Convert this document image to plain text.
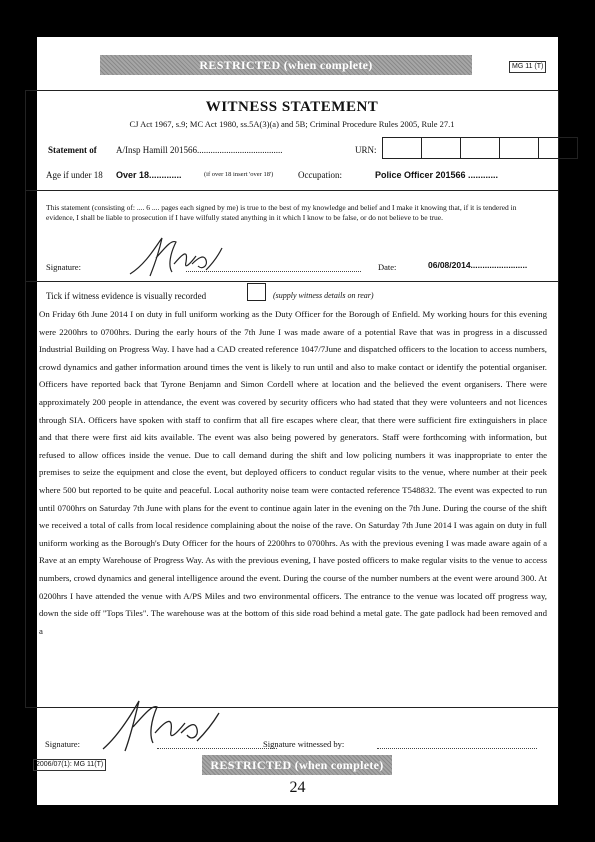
RESTRICTED (when complete)	MG 11 (T)
WITNESS STATEMENT
CJ Act 1967, s.9; MC Act 1980, ss.5A(3)(a) and 5B; Criminal Procedure Rules 2005, Rule 27.1
Statement of A/Insp Hamill 201566......................................	URN:
Age if under 18 Over 18.............	(if over 18 insert 'over 18')	Occupation:	Police Officer 201566 ............
This statement (consisting of: .... 6 .... pages each signed by me) is true to the best of my knowledge and belief and I make it knowing that, if it is tendered in evidence, I shall be liable to prosecution if I have wilfully stated anything in it which I know to be false, or do not believe to be true.
Signature:	Date:	06/08/2014........................
Tick if witness evidence is visually recorded	(supply witness details on rear)
On Friday 6th June 2014 I on duty in full uniform working as the Duty Officer for the Borough of Enfield. My working hours for this evening were 2200hrs to 0700hrs. During the early hours of the 7th June I was made aware of a potential Rave that was in progress in a discussed Industrial Building on Progress Way. I have had a CAD created reference 1047/7June and dispatched officers to the location to access numbers, crowd dynamics and gather information around times the vent is likely to run until and also to make contact or identify the potential organiser. Officers have reported back that Tyrone Benjamn and Simon Cordell where at location and the believed the event organisers. There were approximately 200 people in attendance, the event was covered by security officers who had stated that they were volunteers and not licences through SIA. Officers have spoken with staff to confirm that all fire escapes where clear, that there were sufficient fire extinguishers in place and that there were first aid kits available. The event was also being powered by generators. Staff were forthcoming with information, but refused to allow offices inside the venue. Due to call demand during the shift and low policing numbers it was inappropriate to enter the premises to seize the equipment and close the event, but deployed officers to conduct regular visits to the venue, where number at their peek where 500 but reported to be quite and peaceful. Local authority noise team were contacted reference T548832. The event was expected to run until 0700hrs on Saturday 7th June with plans for the event to continue again later in the evening on the 7th June. During the course of the shift we received a total of calls from local residence complaining about the noise of the rave. On Saturday 7th June 2014 I was again on duty in full uniform working as the Borough's Duty Officer for the hours of 2200hrs to 0700hrs. As with the previous evening I was made aware again of a Rave at an empty Warehouse of Progress Way. As with the previous evening, I have posted officers to make regular visits to the venue to access numbers, crowd dynamics and general intelligence around the event. During the course of the number numbers at the event were around 300. At 0200hrs I have attended the venue with A/PS Miles and two environmental officers. The entrance to the venue was located off progress way, down the side off "Tops Tiles". The warehouse was at the bottom of this side road behind a metal gate. The gate padlock had been removed and a
Signature:	Signature witnessed by:
2006/07(1): MG 11(T)	RESTRICTED (when complete)
24
